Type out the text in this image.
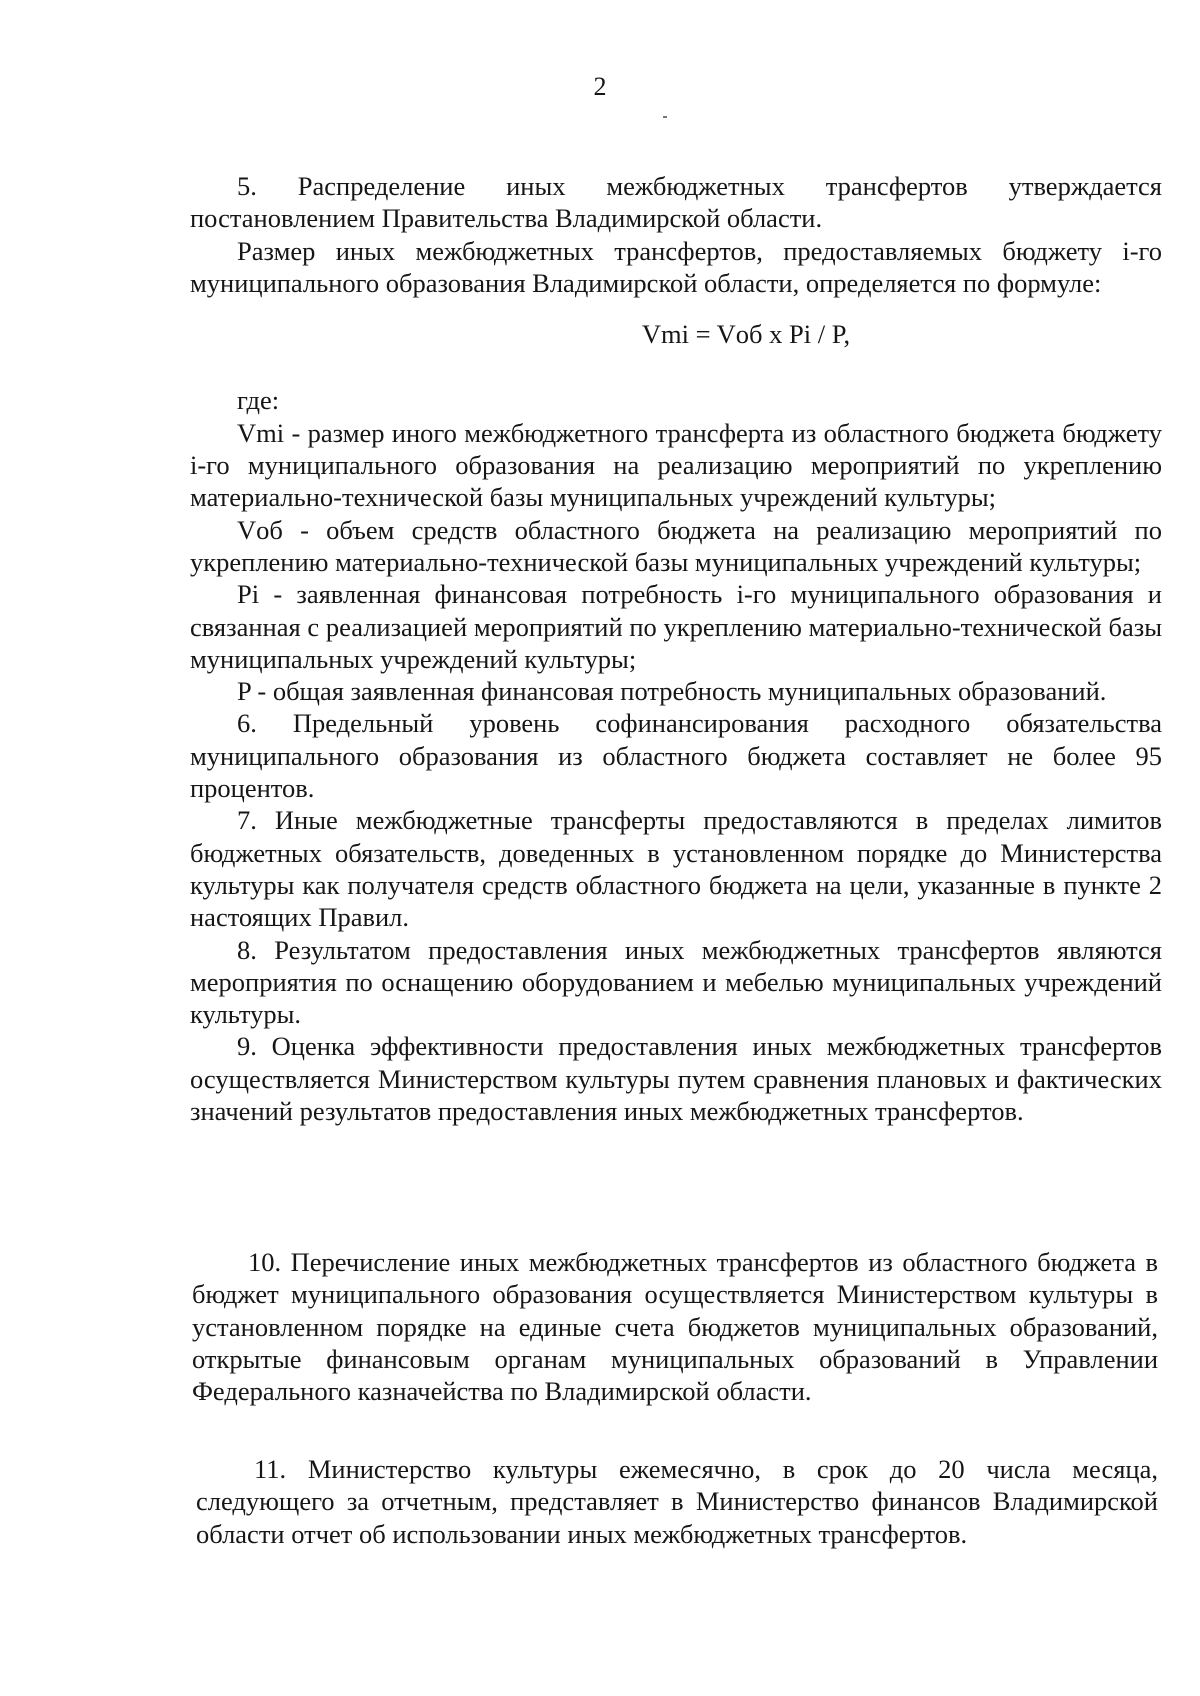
2

5. Распределение иных межбюджетных трансфертов утверждается постановлением Правительства Владимирской области.

Размер иных межбюджетных трансфертов, предоставляемых бюджету i-го муниципального образования Владимирской области, определяется по формуле:

Vmi = Vоб x Pi / P,

где:

Vmi - размер иного межбюджетного трансферта из областного бюджета бюджету i-го муниципального образования на реализацию мероприятий по укреплению материально-технической базы муниципальных учреждений культуры;

Vоб - объем средств областного бюджета на реализацию мероприятий по укреплению материально-технической базы муниципальных учреждений культуры;

Pi - заявленная финансовая потребность i-го муниципального образования и связанная с реализацией мероприятий по укреплению материально-технической базы муниципальных учреждений культуры;

P - общая заявленная финансовая потребность муниципальных образований.

6. Предельный уровень софинансирования расходного обязательства муниципального образования из областного бюджета составляет не более 95 процентов.

7. Иные межбюджетные трансферты предоставляются в пределах лимитов бюджетных обязательств, доведенных в установленном порядке до Министерства культуры как получателя средств областного бюджета на цели, указанные в пункте 2 настоящих Правил.

8. Результатом предоставления иных межбюджетных трансфертов являются мероприятия по оснащению оборудованием и мебелью муниципальных учреждений культуры.

9. Оценка эффективности предоставления иных межбюджетных трансфертов осуществляется Министерством культуры путем сравнения плановых и фактических значений результатов предоставления иных межбюджетных трансфертов.

10. Перечисление иных межбюджетных трансфертов из областного бюджета в бюджет муниципального образования осуществляется Министерством культуры в установленном порядке на единые счета бюджетов муниципальных образований, открытые финансовым органам муниципальных образований в Управлении Федерального казначейства по Владимирской области.

11. Министерство культуры ежемесячно, в срок до 20 числа месяца, следующего за отчетным, представляет в Министерство финансов Владимирской области отчет об использовании иных межбюджетных трансфертов.
